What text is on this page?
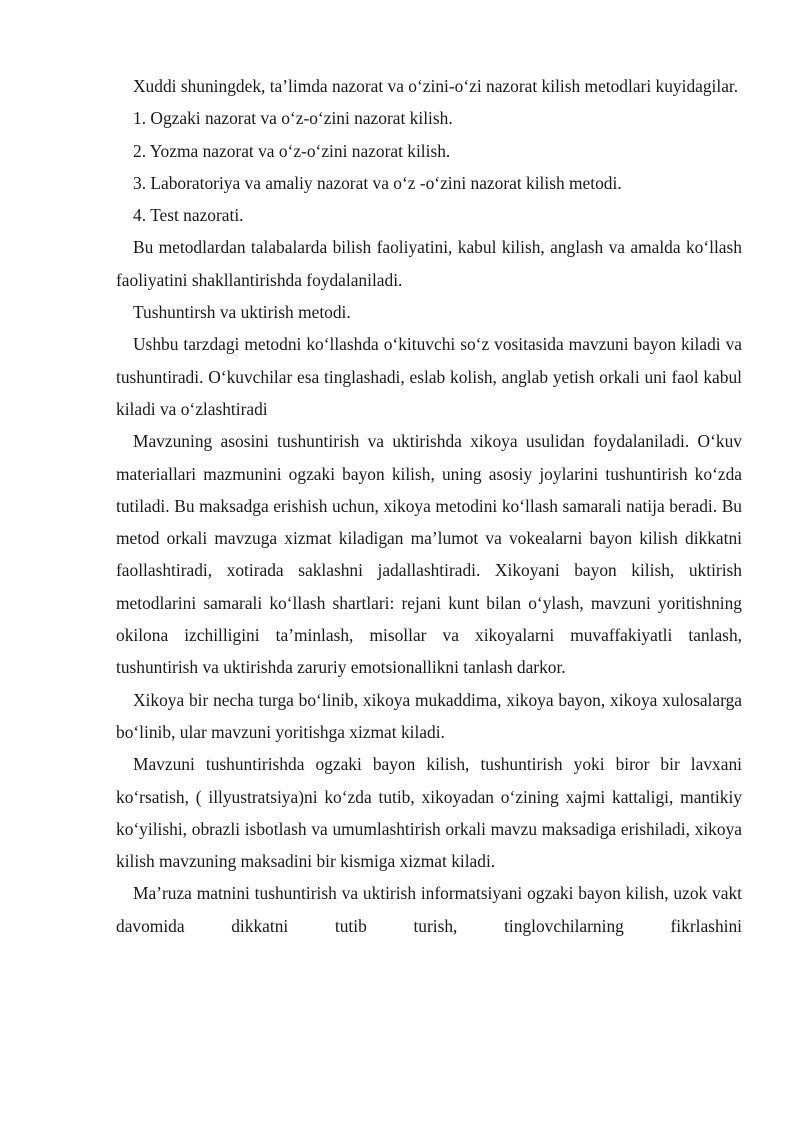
Xuddi shuningdek, ta’limda nazorat va o‘zini-o‘zi nazorat kilish metodlari kuyidagilar.

1. Ogzaki nazorat va o‘z-o‘zini nazorat kilish.

2. Yozma nazorat va o‘z-o‘zini nazorat kilish.

3. Laboratoriya va amaliy nazorat va o‘z -o‘zini nazorat kilish metodi.

4. Test nazorati.

Bu metodlardan talabalarda bilish faoliyatini, kabul kilish, anglash va amalda ko‘llash faoliyatini shakllantirishda foydalaniladi.

Tushuntirsh va uktirish metodi.

Ushbu tarzdagi metodni ko‘llashda o‘kituvchi so‘z vositasida mavzuni bayon kiladi va tushuntiradi. O‘kuvchilar esa tinglashadi, eslab kolish, anglab yetish orkali uni faol kabul kiladi va o‘zlashtiradi

Mavzuning asosini tushuntirish va uktirishda xikoya usulidan foydalaniladi. O‘kuv materiallari mazmunini ogzaki bayon kilish, uning asosiy joylarini tushuntirish ko‘zda tutiladi. Bu maksadga erishish uchun, xikoya metodini ko‘llash samarali natija beradi. Bu metod orkali mavzuga xizmat kiladigan ma’lumot va vokealarni bayon kilish dikkatni faollashtiradi, xotirada saklashni jadallashtiradi. Xikoyani bayon kilish, uktirish metodlarini samarali ko‘llash shartlari: rejani kunt bilan o‘ylash, mavzuni yoritishning okilona izchilligini ta’minlash, misollar va xikoyalarni muvaffakiyatli tanlash, tushuntirish va uktirishda zaruriy emotsionallikni tanlash darkor.

Xikoya bir necha turga bo‘linib, xikoya mukaddima, xikoya bayon, xikoya xulosalarga bo‘linib, ular mavzuni yoritishga xizmat kiladi.

Mavzuni tushuntirishda ogzaki bayon kilish, tushuntirish yoki biror bir lavxani ko‘rsatish, ( illyustratsiya)ni ko‘zda tutib, xikoyadan o‘zining xajmi kattaligi, mantikiy ko‘yilishi, obrazli isbotlash va umumlashtirish orkali mavzu maksadiga erishiladi, xikoya kilish mavzuning maksadini bir kismiga xizmat kiladi.

Ma’ruza matnini tushuntirish va uktirish informatsiyani ogzaki bayon kilish, uzok vakt davomida dikkatni tutib turish, tinglovchilarning fikrlashini
